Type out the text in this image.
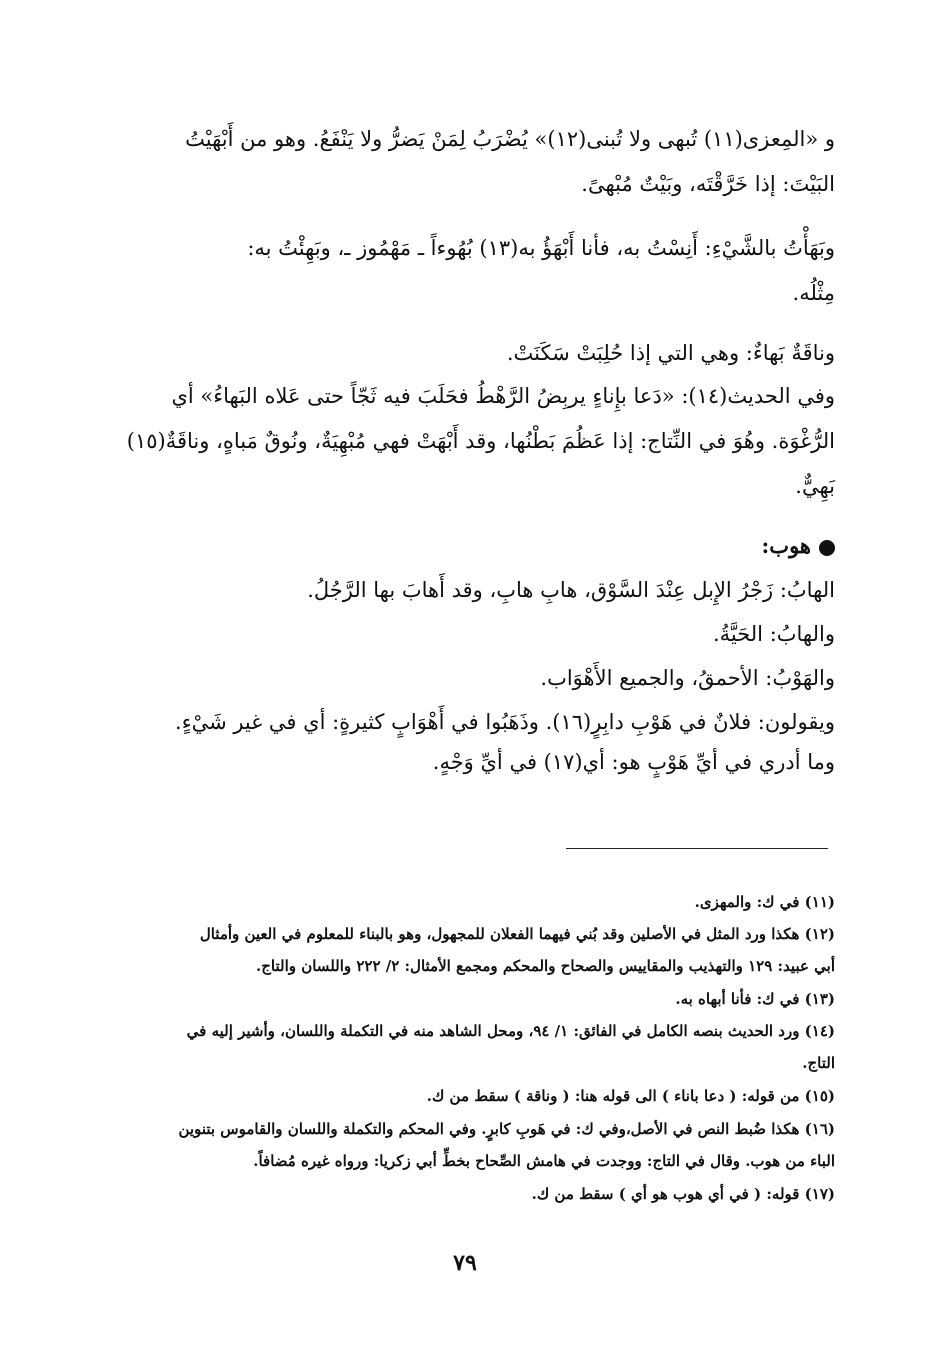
و «المِعزى(١١) تُبهى ولا تُبنى(١٢)» يُضْرَبُ لِمَنْ يَضرُّ ولا يَنْفَعُ. وهو من أَبْهَيْتُ
البَيْتَ: إذا خَرَّقْتَه، وبَيْتٌ مُبْهىً.
وبَهَأْتُ بالشَّيْءِ: أَنِسْتُ به، فأنا أَبْهَؤُ به(١٣) بُهُوءاً ـ مَهْمُوز ـ، وبَهِئْتُ به:
مِثْلُه.
وناقَةٌ بَهاءٌ: وهي التي إذا حُلِبَتْ سَكَنَتْ.
وفي الحديث(١٤): «دَعا بإِناءٍ يربِضُ الرَّهْطُ فحَلَبَ فيه ثَجّاً حتى عَلاه البَهاءُ» أي
الرُّغْوَة. وهُوَ في النِّتاج: إذا عَظُمَ بَطْنُها، وقد أَبْهَتْ فهي مُبْهِيَةٌ، ونُوقٌ مَباهٍ، وناقَةٌ(١٥)
بَهِيٌّ.
هوب:
الهابُ: زَجْرُ الإِبل عِنْدَ السَّوْق، هابِ هابِ، وقد أَهابَ بها الرَّجُلُ.
والهابُ: الحَيَّةُ.
والهَوْبُ: الأحمقُ، والجميع الأَهْوَاب.
ويقولون: فلانٌ في هَوْبِ دابِرٍ(١٦). وذَهَبُوا في أَهْوَابٍ كثيرةٍ: أي في غير شَيْءٍ.
وما أدري في أيِّ هَوْبٍ هو: أي(١٧) في أيِّ وَجْهٍ.
(١١) في ك: والمهزى.
(١٢) هكذا ورد المثل في الأصلين وقد بُني فيهما الفعلان للمجهول، وهو بالبناء للمعلوم في العين وأمثال
أبي عبيد: ١٢٩ والتهذيب والمقاييس والصحاح والمحكم ومجمع الأمثال: ٢/ ٢٢٢ واللسان والتاج.
(١٣) في ك: فأنا أبهاه به.
(١٤) ورد الحديث بنصه الكامل في الفائق: ١/ ٩٤، ومحل الشاهد منه في التكملة واللسان، وأشير إليه في
التاج.
(١٥) من قوله: ( دعا باناء ) الى قوله هنا: ( وناقة ) سقط من ك.
(١٦) هكذا ضُبط النص في الأصل،وفي ك: في هَوبِ كابرٍ. وفي المحكم والتكملة واللسان والقاموس بتنوين
الباء من هوب. وقال في التاج: ووجدت في هامش الصِّحاح بخطِّ أبي زكريا: ورواه غيره مُضافاً.
(١٧) قوله: ( في أي هوب هو أي ) سقط من ك.
٧٩
